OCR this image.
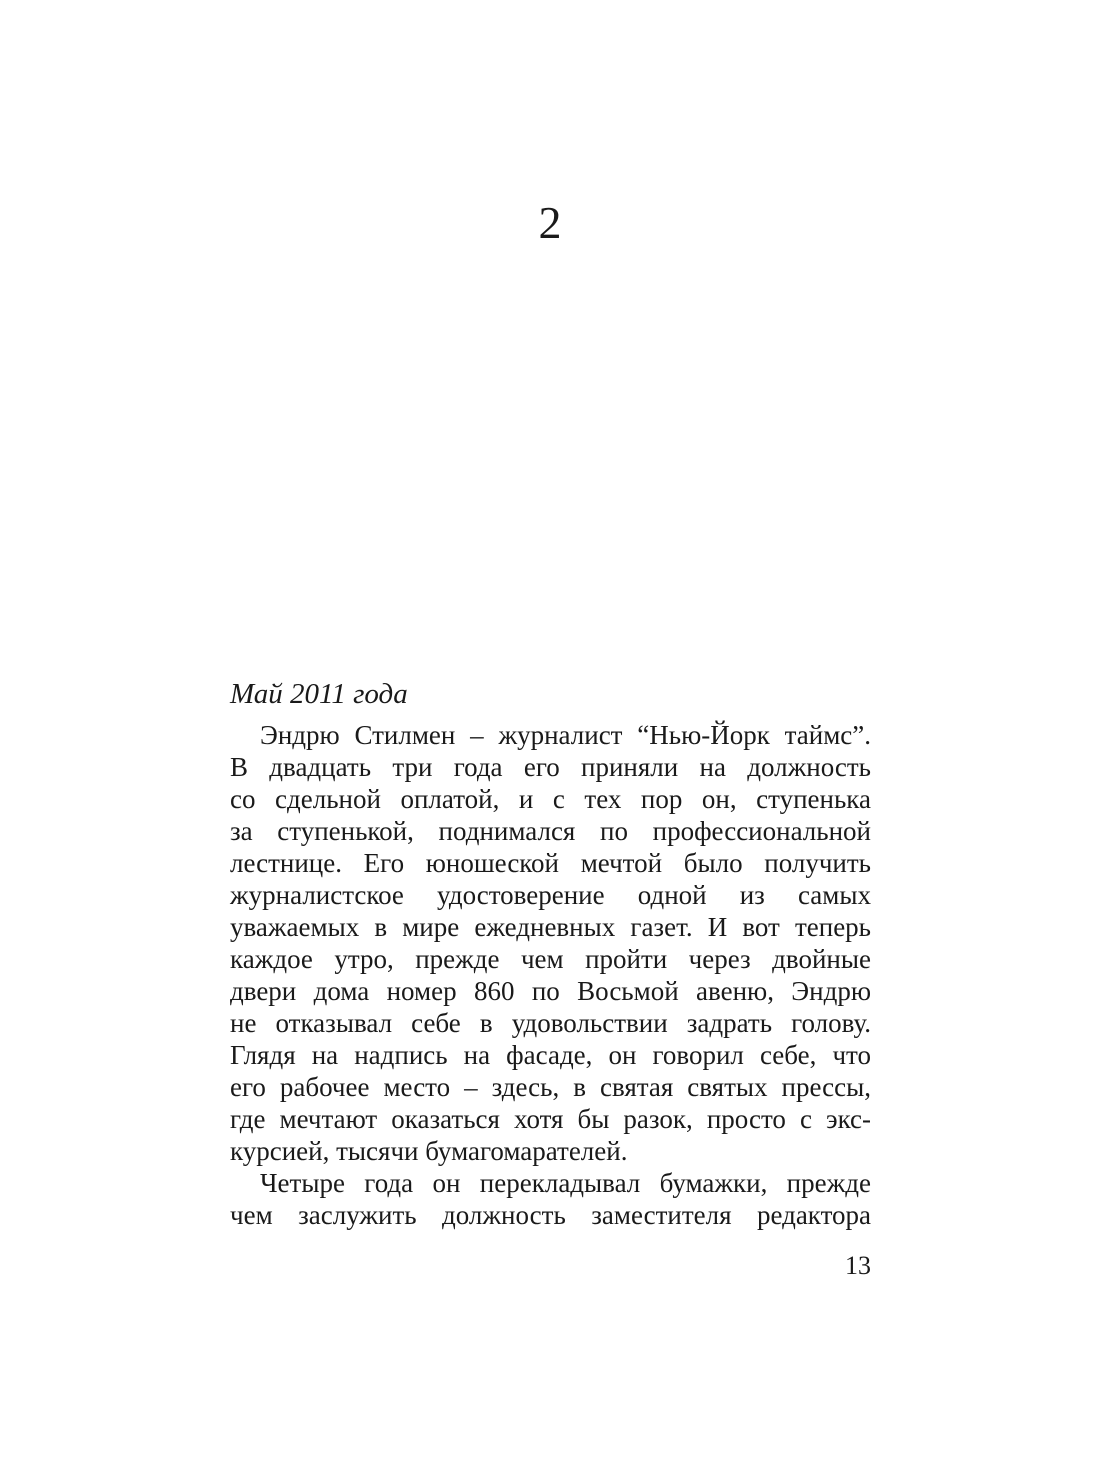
2
Май 2011 года
Эндрю Стилмен – журналист “Нью-Йорк таймс”.
В двадцать три года его приняли на должность
со сдельной оплатой, и с тех пор он, ступенька
за ступенькой, поднимался по профессиональной
лестнице. Его юношеской мечтой было получить
журналистское удостоверение одной из самых
уважаемых в мире ежедневных газет. И вот теперь
каждое утро, прежде чем пройти через двойные
двери дома номер 860 по Восьмой авеню, Эндрю
не отказывал себе в удовольствии задрать голову.
Глядя на надпись на фасаде, он говорил себе, что
его рабочее место – здесь, в святая святых прессы,
где мечтают оказаться хотя бы разок, просто с экс-
курсией, тысячи бумагомарателей.
Четыре года он перекладывал бумажки, прежде
чем заслужить должность заместителя редактора
13
